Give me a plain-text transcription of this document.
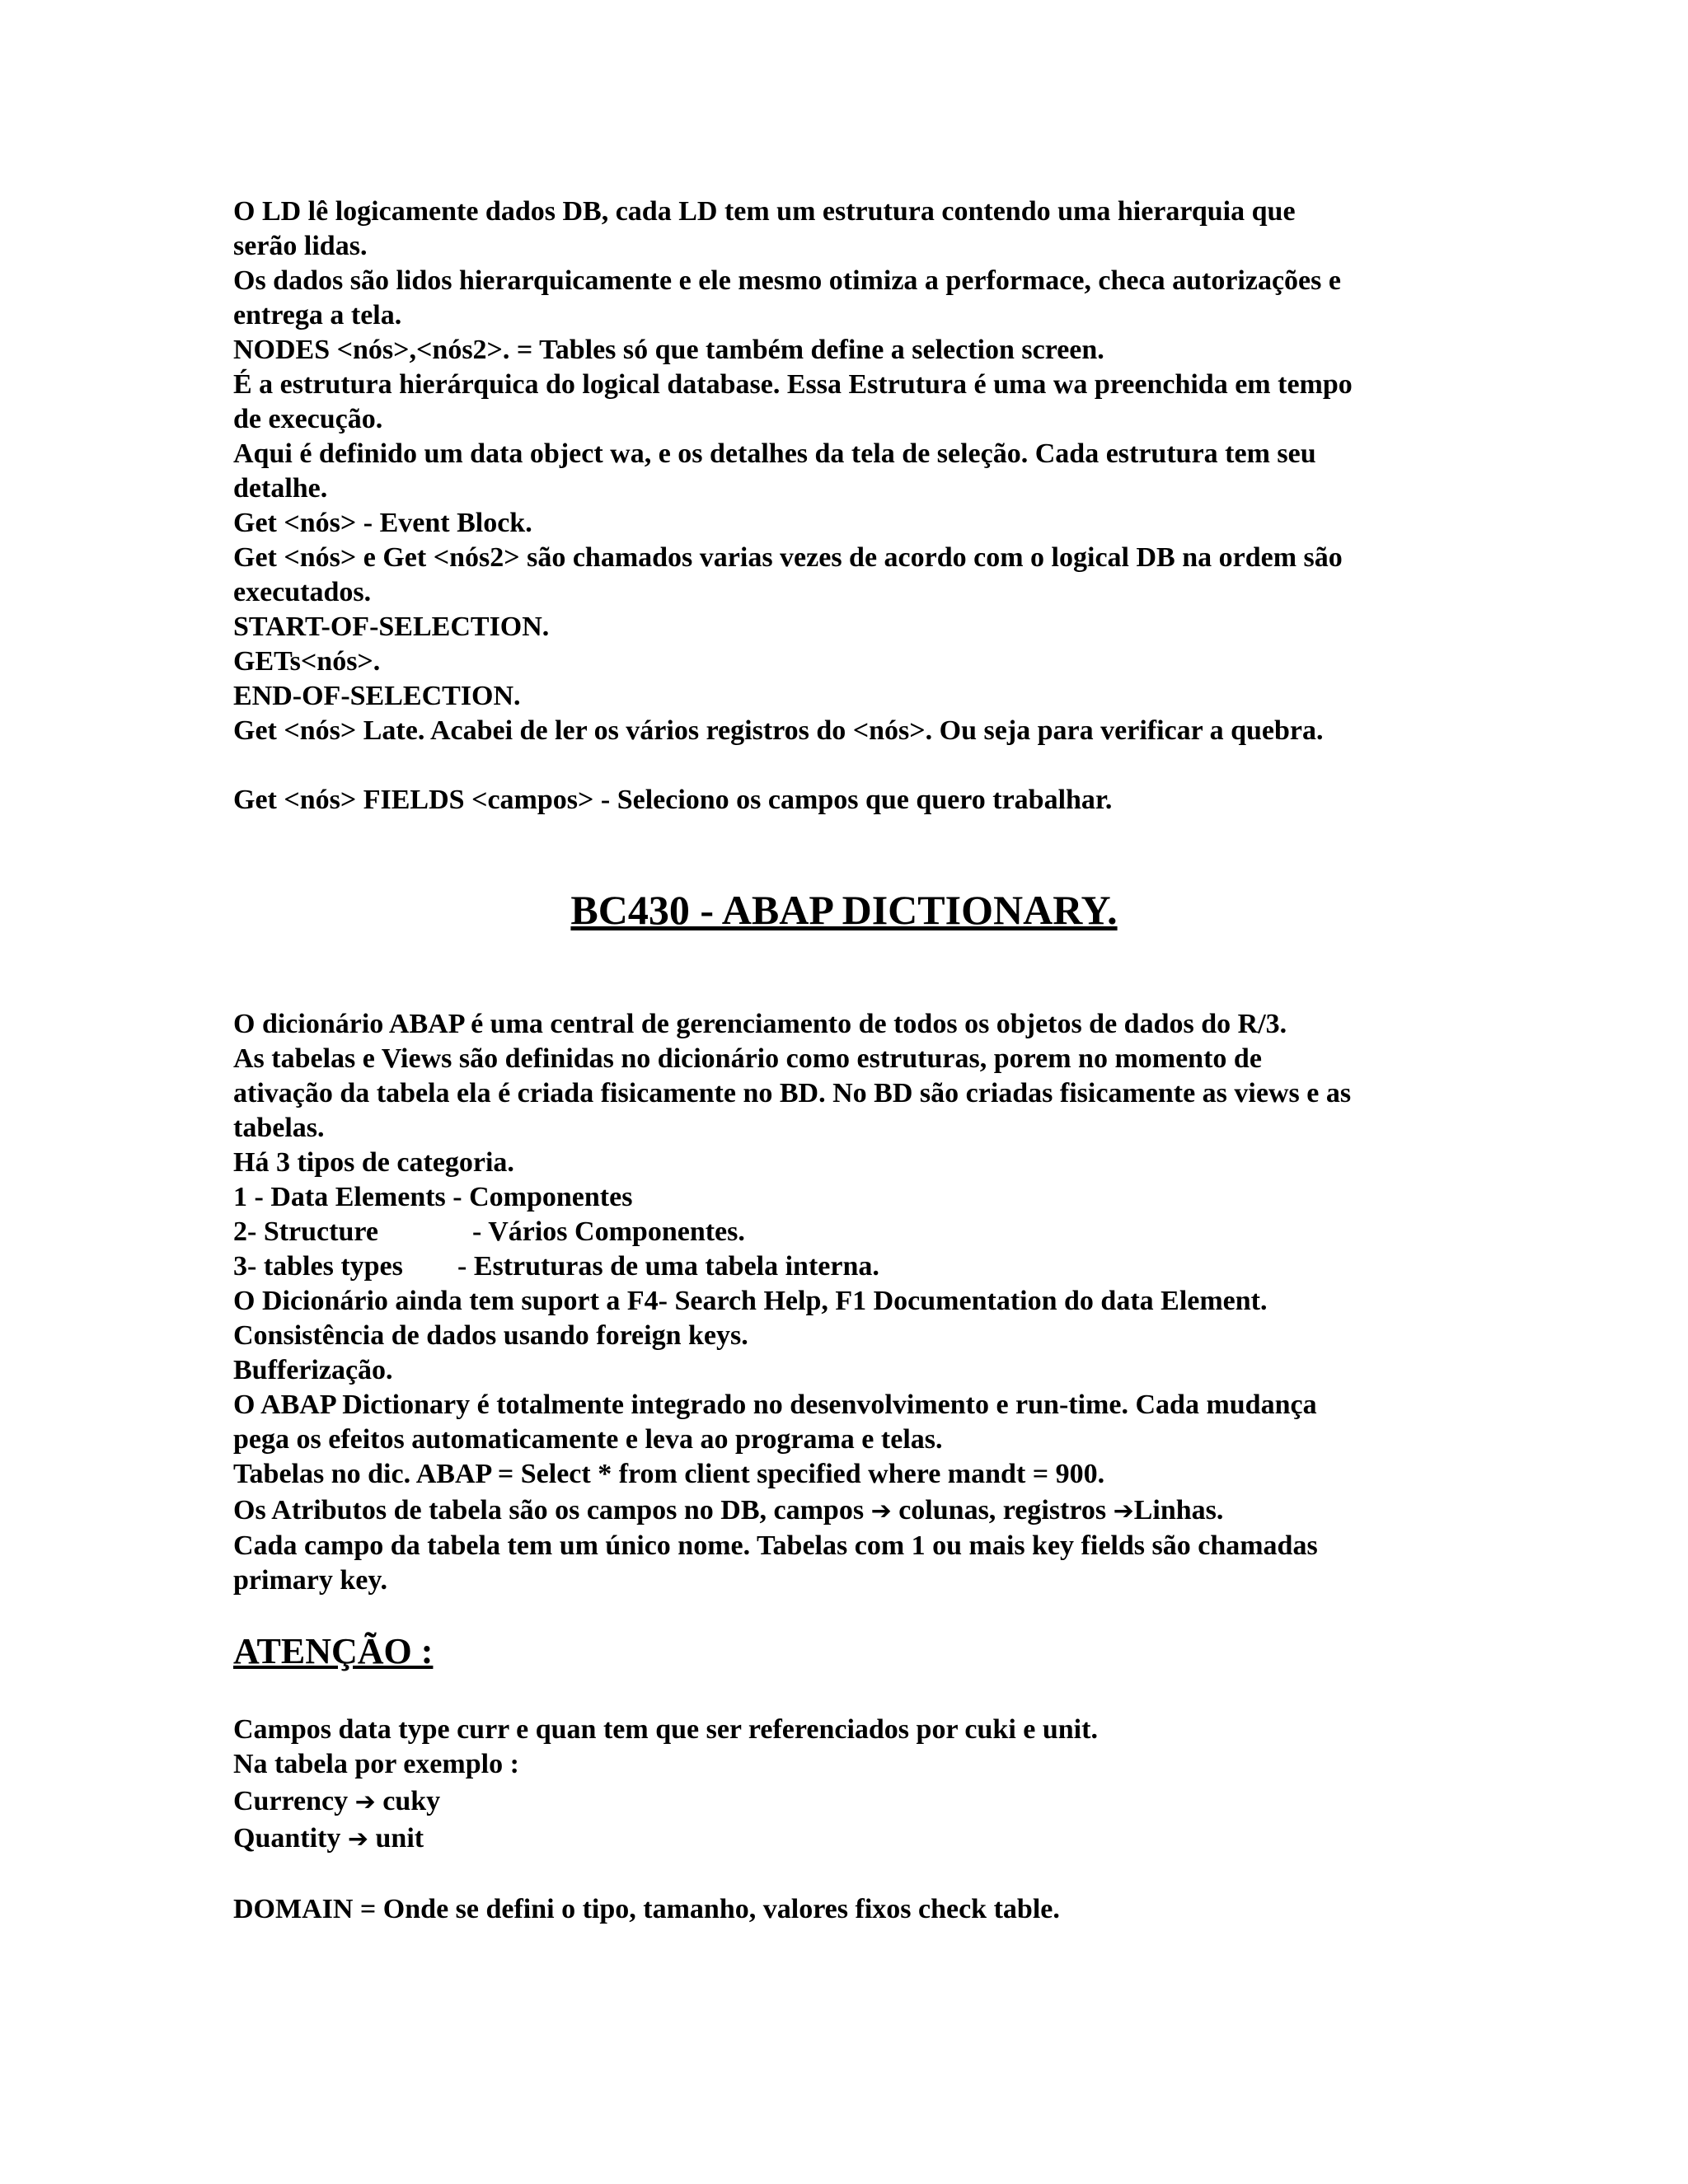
O LD lê logicamente dados DB, cada LD tem um estrutura contendo uma hierarquia que
serão lidas.
Os dados são lidos hierarquicamente e ele mesmo otimiza a performace, checa autorizações e
entrega a tela.
NODES <nós>,<nós2>. = Tables só que também define a selection screen.
É a estrutura hierárquica do logical database. Essa Estrutura é uma wa preenchida em tempo
de execução.
Aqui é definido um data object wa, e os detalhes da tela de seleção. Cada estrutura tem seu
detalhe.
Get <nós> - Event Block.
Get <nós> e Get <nós2> são chamados varias vezes de acordo com o logical DB na ordem são
executados.
START-OF-SELECTION.
GETs<nós>.
END-OF-SELECTION.
Get <nós> Late. Acabei de ler os vários registros do <nós>. Ou seja para verificar a quebra.
Get <nós> FIELDS <campos> - Seleciono os campos que quero trabalhar.
BC430 - ABAP DICTIONARY.
O dicionário ABAP é uma central de gerenciamento de todos os objetos de dados do R/3.
As tabelas e Views são definidas no dicionário como estruturas, porem no momento de
ativação da tabela ela é criada fisicamente no BD. No BD são criadas fisicamente as views e as
tabelas.
Há 3 tipos de categoria.
1 - Data Elements - Componentes
2- Structure	- Vários Componentes.
3- tables types - Estruturas de uma tabela interna.
O Dicionário ainda tem suport a F4- Search Help, F1 Documentation do data Element.
Consistência de dados usando foreign keys.
Bufferização.
O ABAP Dictionary é totalmente integrado no desenvolvimento e run-time. Cada mudança
pega os efeitos automaticamente e leva ao programa e telas.
Tabelas no dic. ABAP = Select * from client specified where mandt = 900.
Os Atributos de tabela são os campos no DB, campos ➔ colunas, registros ➔Linhas.
Cada campo da tabela tem um único nome. Tabelas com 1 ou mais key fields são chamadas
primary key.
ATENÇÃO :
Campos data type curr e quan tem que ser referenciados por cuki e unit.
Na tabela por exemplo :
Currency ➔ cuky
Quantity ➔ unit
DOMAIN = Onde se defini o tipo, tamanho, valores fixos check table.
